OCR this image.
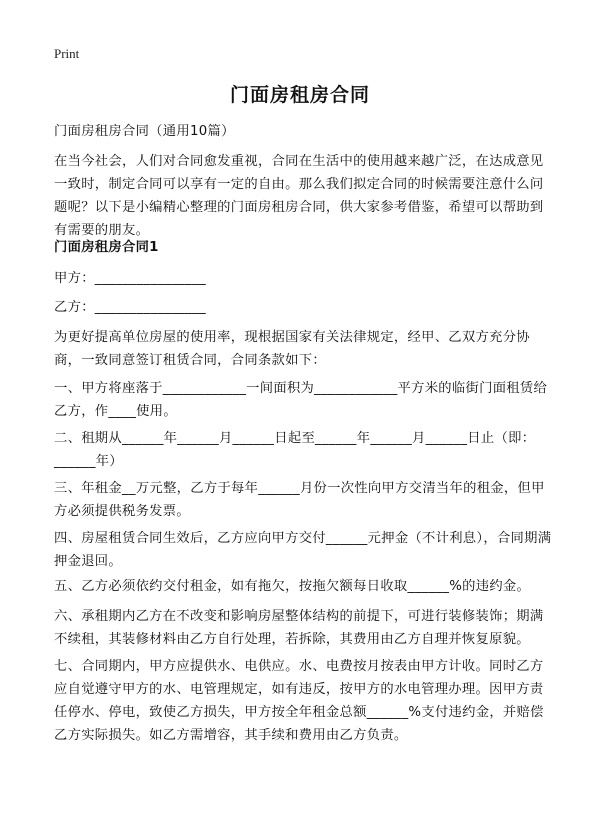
Print
门面房租房合同
门面房租房合同（通用10篇）
在当今社会，人们对合同愈发重视，合同在生活中的使用越来越广泛，在达成意见一致时，制定合同可以享有一定的自由。那么我们拟定合同的时候需要注意什么问题呢？以下是小编精心整理的门面房租房合同，供大家参考借鉴，希望可以帮助到有需要的朋友。
门面房租房合同1
甲方：________________
乙方：________________
为更好提高单位房屋的使用率，现根据国家有关法律规定，经甲、乙双方充分协商，一致同意签订租赁合同，合同条款如下：
一、甲方将座落于____________一间面积为____________平方米的临街门面租赁给乙方，作____使用。
二、租期从______年______月______日起至______年______月______日止（即：______年）
三、年租金__万元整，乙方于每年______月份一次性向甲方交清当年的租金，但甲方必须提供税务发票。
四、房屋租赁合同生效后，乙方应向甲方交付______元押金（不计利息），合同期满押金退回。
五、乙方必须依约交付租金，如有拖欠，按拖欠额每日收取______%的违约金。
六、承租期内乙方在不改变和影响房屋整体结构的前提下，可进行装修装饰；期满不续租，其装修材料由乙方自行处理，若拆除，其费用由乙方自理并恢复原貌。
七、合同期内，甲方应提供水、电供应。水、电费按月按表由甲方计收。同时乙方应自觉遵守甲方的水、电管理规定，如有违反，按甲方的水电管理办理。因甲方责任停水、停电，致使乙方损失，甲方按全年租金总额______%支付违约金，并赔偿乙方实际损失。如乙方需增容，其手续和费用由乙方负责。
